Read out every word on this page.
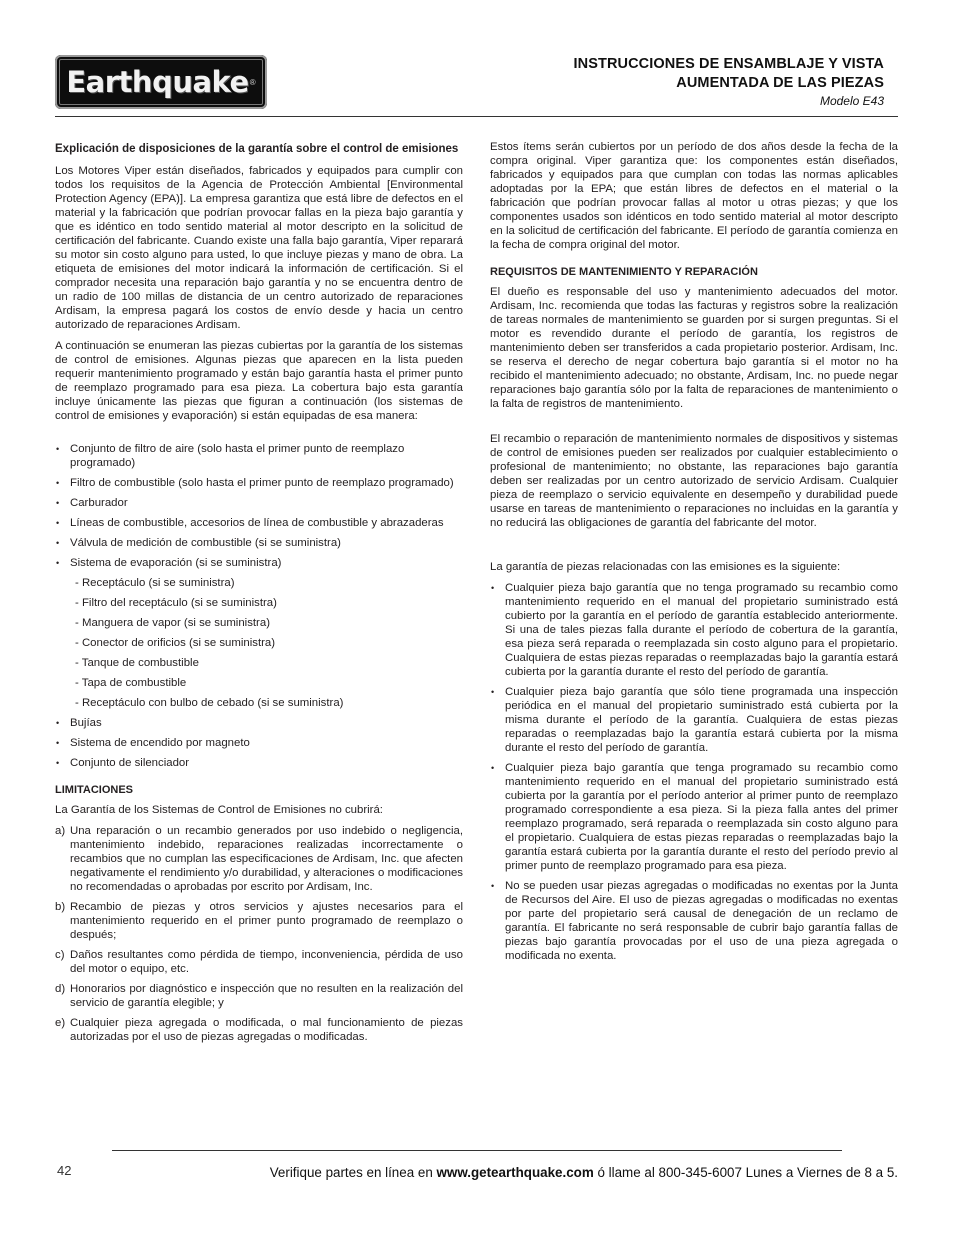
Earthquake ®
INSTRUCCIONES DE ENSAMBLAJE Y VISTA
AUMENTADA DE LAS PIEZAS
Modelo E43
Explicación de disposiciones de la garantía sobre el control de emisiones

Los Motores Viper están diseñados, fabricados y equipados para cumplir con todos los requisitos de la Agencia de Protección Ambiental [Environmental Protection Agency (EPA)]. La empresa garantiza que está libre de defectos en el material y la fabricación que podrían provocar fallas en la pieza bajo garantía y que es idéntico en todo sentido material al motor descripto en la solicitud de certificación del fabricante. Cuando existe una falla bajo garantía, Viper reparará su motor sin costo alguno para usted, lo que incluye piezas y mano de obra. La etiqueta de emisiones del motor indicará la información de certificación. Si el comprador necesita una reparación bajo garantía y no se encuentra dentro de un radio de 100 millas de distancia de un centro autorizado de reparaciones Ardisam, la empresa pagará los costos de envío desde y hacia un centro autorizado de reparaciones Ardisam.

A continuación se enumeran las piezas cubiertas por la garantía de los sistemas de control de emisiones. Algunas piezas que aparecen en la lista pueden requerir mantenimiento programado y están bajo garantía hasta el primer punto de reemplazo programado para esa pieza. La cobertura bajo esta garantía incluye únicamente las piezas que figuran a continuación (los sistemas de control de emisiones y evaporación) si están equipadas de esa manera:

• Conjunto de filtro de aire (solo hasta el primer punto de reemplazo programado)
• Filtro de combustible (solo hasta el primer punto de reemplazo programado)
• Carburador
• Líneas de combustible, accesorios de línea de combustible y abrazaderas
• Válvula de medición de combustible (si se suministra)
• Sistema de evaporación (si se suministra)
- Receptáculo (si se suministra)
- Filtro del receptáculo (si se suministra)
- Manguera de vapor (si se suministra)
- Conector de orificios (si se suministra)
- Tanque de combustible
- Tapa de combustible
- Receptáculo con bulbo de cebado (si se suministra)
• Bujías
• Sistema de encendido por magneto
• Conjunto de silenciador
LIMITACIONES

La Garantía de los Sistemas de Control de Emisiones no cubrirá:

a) Una reparación o un recambio generados por uso indebido o negligencia, mantenimiento indebido, reparaciones realizadas incorrectamente o recambios que no cumplan las especificaciones de Ardisam, Inc. que afecten negativamente el rendimiento y/o durabilidad, y alteraciones o modificaciones no recomendadas o aprobadas por escrito por Ardisam, Inc.
b) Recambio de piezas y otros servicios y ajustes necesarios para el mantenimiento requerido en el primer punto programado de reemplazo o después;
c) Daños resultantes como pérdida de tiempo, inconveniencia, pérdida de uso del motor o equipo, etc.
d) Honorarios por diagnóstico e inspección que no resulten en la realización del servicio de garantía elegible; y
e) Cualquier pieza agregada o modificada, o mal funcionamiento de piezas autorizadas por el uso de piezas agregadas o modificadas.

Estos ítems serán cubiertos por un período de dos años desde la fecha de la compra original. Viper garantiza que: los componentes están diseñados, fabricados y equipados para que cumplan con todas las normas aplicables adoptadas por la EPA; que están libres de defectos en el material o la fabricación que podrían provocar fallas al motor u otras piezas; y que los componentes usados son idénticos en todo sentido material al motor descripto en la solicitud de certificación del fabricante. El período de garantía comienza en la fecha de compra original del motor.

REQUISITOS DE MANTENIMIENTO Y REPARACIÓN

El dueño es responsable del uso y mantenimiento adecuados del motor. Ardisam, Inc. recomienda que todas las facturas y registros sobre la realización de tareas normales de mantenimiento se guarden por si surgen preguntas. Si el motor es revendido durante el período de garantía, los registros de mantenimiento deben ser transferidos a cada propietario posterior. Ardisam, Inc. se reserva el derecho de negar cobertura bajo garantía si el motor no ha recibido el mantenimiento adecuado; no obstante, Ardisam, Inc. no puede negar reparaciones bajo garantía sólo por la falta de reparaciones de mantenimiento o la falta de registros de mantenimiento.

El recambio o reparación de mantenimiento normales de dispositivos y sistemas de control de emisiones pueden ser realizados por cualquier establecimiento o profesional de mantenimiento; no obstante, las reparaciones bajo garantía deben ser realizadas por un centro autorizado de servicio Ardisam. Cualquier pieza de reemplazo o servicio equivalente en desempeño y durabilidad puede usarse en tareas de mantenimiento o reparaciones no incluidas en la garantía y no reducirá las obligaciones de garantía del fabricante del motor.

La garantía de piezas relacionadas con las emisiones es la siguiente:

• Cualquier pieza bajo garantía que no tenga programado su recambio como mantenimiento requerido en el manual del propietario suministrado está cubierto por la garantía en el período de garantía establecido anteriormente. Si una de tales piezas falla durante el período de cobertura de la garantía, esa pieza será reparada o reemplazada sin costo alguno para el propietario. Cualquiera de estas piezas reparadas o reemplazadas bajo la garantía estará cubierta por la garantía durante el resto del período de garantía.
• Cualquier pieza bajo garantía que sólo tiene programada una inspección periódica en el manual del propietario suministrado está cubierta por la misma durante el período de la garantía. Cualquiera de estas piezas reparadas o reemplazadas bajo la garantía estará cubierta por la misma durante el resto del período de garantía.
• Cualquier pieza bajo garantía que tenga programado su recambio como mantenimiento requerido en el manual del propietario suministrado está cubierta por la garantía por el período anterior al primer punto de reemplazo programado correspondiente a esa pieza. Si la pieza falla antes del primer reemplazo programado, será reparada o reemplazada sin costo alguno para el propietario. Cualquiera de estas piezas reparadas o reemplazadas bajo la garantía estará cubierta por la garantía durante el resto del período previo al primer punto de reemplazo programado para esa pieza.
• No se pueden usar piezas agregadas o modificadas no exentas por la Junta de Recursos del Aire. El uso de piezas agregadas o modificadas no exentas por parte del propietario será causal de denegación de un reclamo de garantía. El fabricante no será responsable de cubrir bajo garantía fallas de piezas bajo garantía provocadas por el uso de una pieza agregada o modificada no exenta.
42	Verifique partes en línea en www.getearthquake.com ó llame al 800-345-6007 Lunes a Viernes de 8 a 5.
